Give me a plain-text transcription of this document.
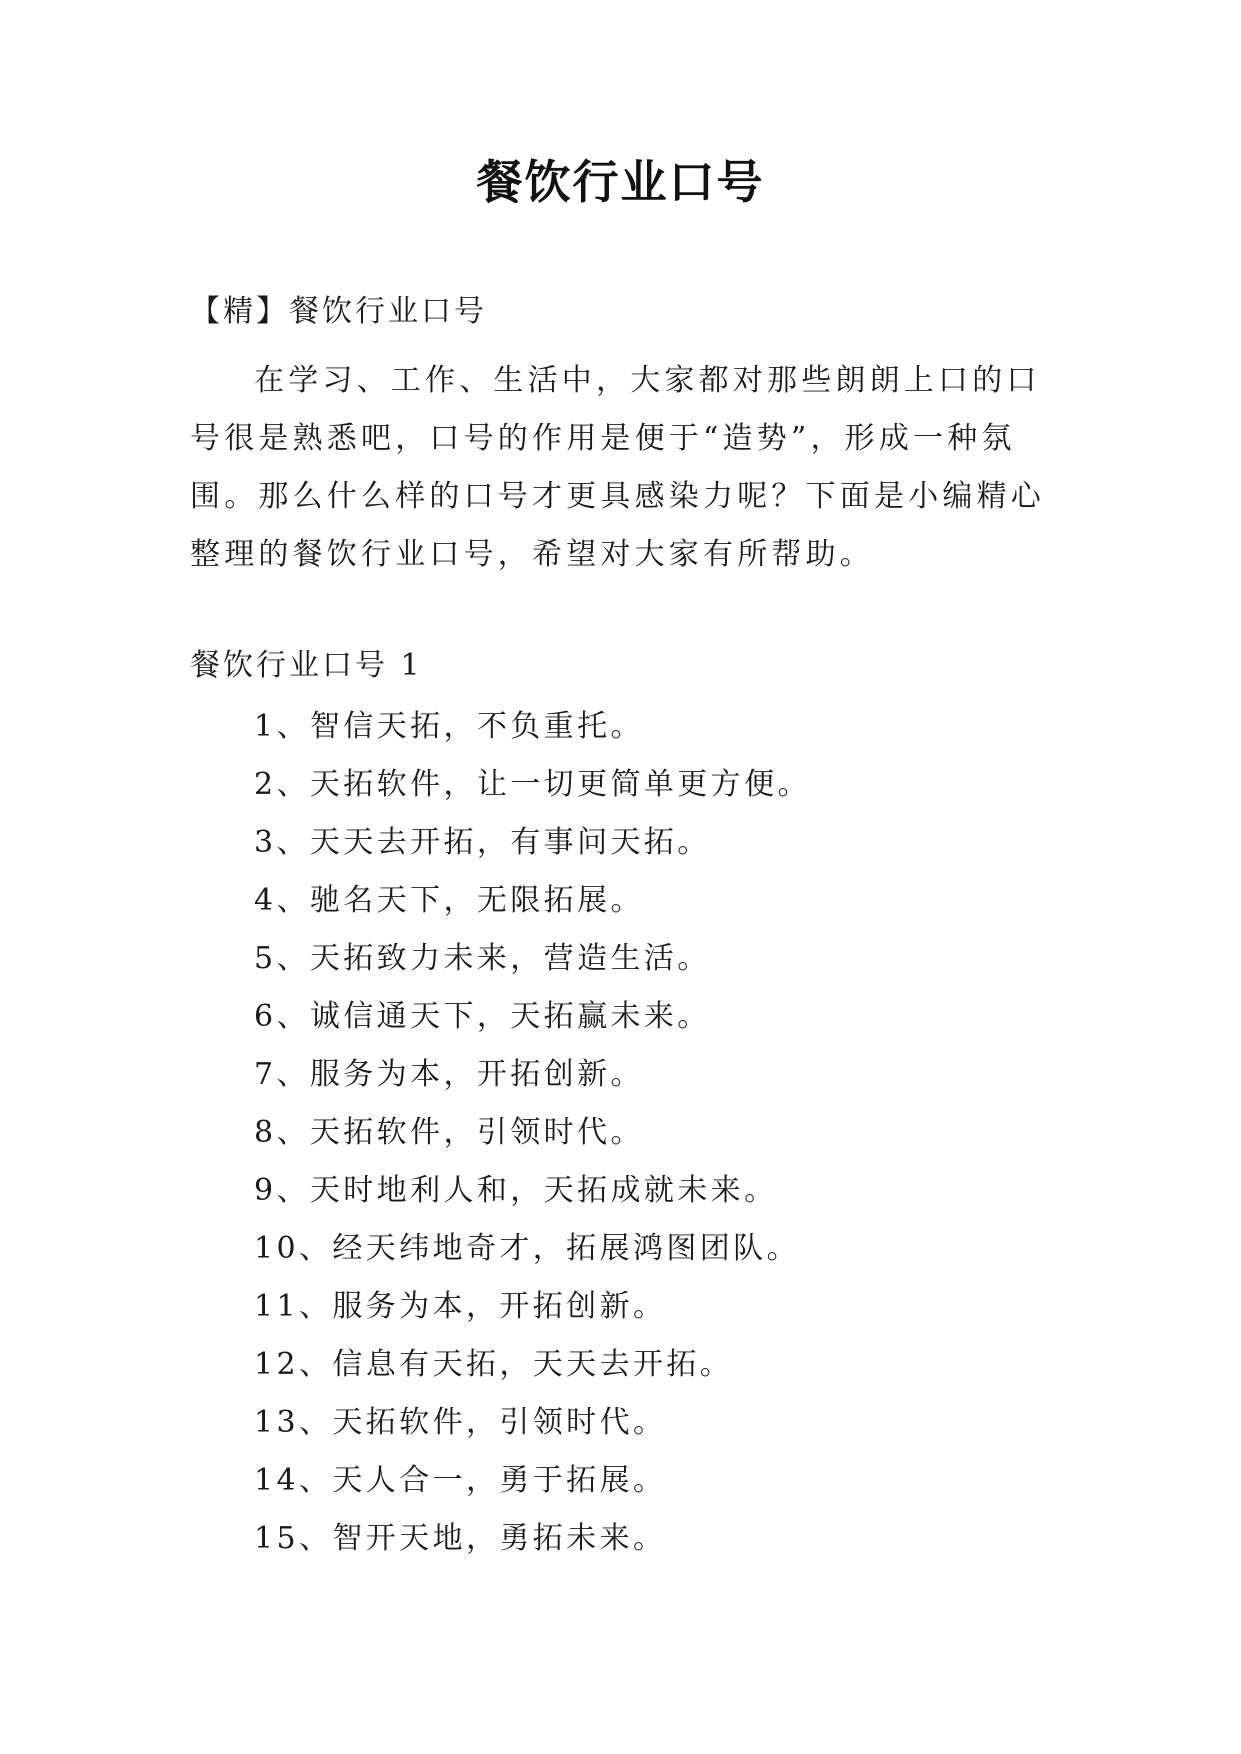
餐饮行业口号
【精】餐饮行业口号

在学习、工作、生活中，大家都对那些朗朗上口的口号很是熟悉吧，口号的作用是便于“造势”，形成一种氛围。那么什么样的口号才更具感染力呢？下面是小编精心整理的餐饮行业口号，希望对大家有所帮助。

餐饮行业口号 1
1、智信天拓，不负重托。
2、天拓软件，让一切更简单更方便。
3、天天去开拓，有事问天拓。
4、驰名天下，无限拓展。
5、天拓致力未来，营造生活。
6、诚信通天下，天拓赢未来。
7、服务为本，开拓创新。
8、天拓软件，引领时代。
9、天时地利人和，天拓成就未来。
10、经天纬地奇才，拓展鸿图团队。
11、服务为本，开拓创新。
12、信息有天拓，天天去开拓。
13、天拓软件，引领时代。
14、天人合一，勇于拓展。
15、智开天地，勇拓未来。
